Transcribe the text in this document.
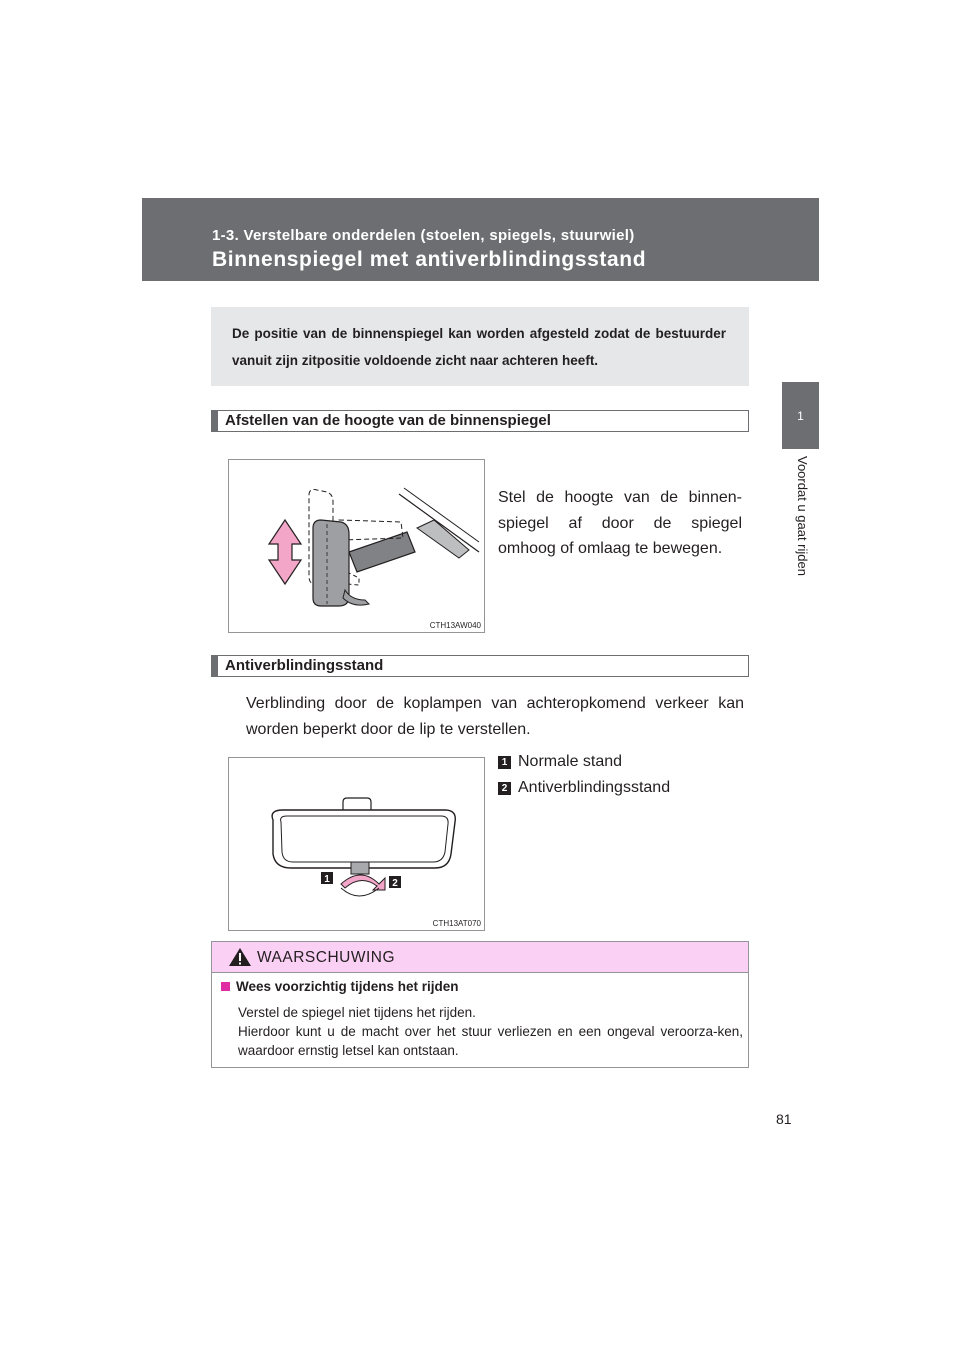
1-3. Verstelbare onderdelen (stoelen, spiegels, stuurwiel)
Binnenspiegel met antiverblindingsstand
1
Voordat u gaat rijden
De positie van de binnenspiegel kan worden afgesteld zodat de bestuurder vanuit zijn zitpositie voldoende zicht naar achteren heeft.
Afstellen van de hoogte van de binnenspiegel
CTH13AW040
Stel de hoogte van de binnen-spiegel af door de spiegel omhoog of omlaag te bewegen.
Antiverblindingsstand
Verblinding door de koplampen van achteropkomend verkeer kan worden beperkt door de lip te verstellen.
1	2
CTH13AT070
1 Normale stand
2 Antiverblindingsstand
WAARSCHUWING
Wees voorzichtig tijdens het rijden
Verstel de spiegel niet tijdens het rijden.
Hierdoor kunt u de macht over het stuur verliezen en een ongeval veroorza-ken, waardoor ernstig letsel kan ontstaan.
81
